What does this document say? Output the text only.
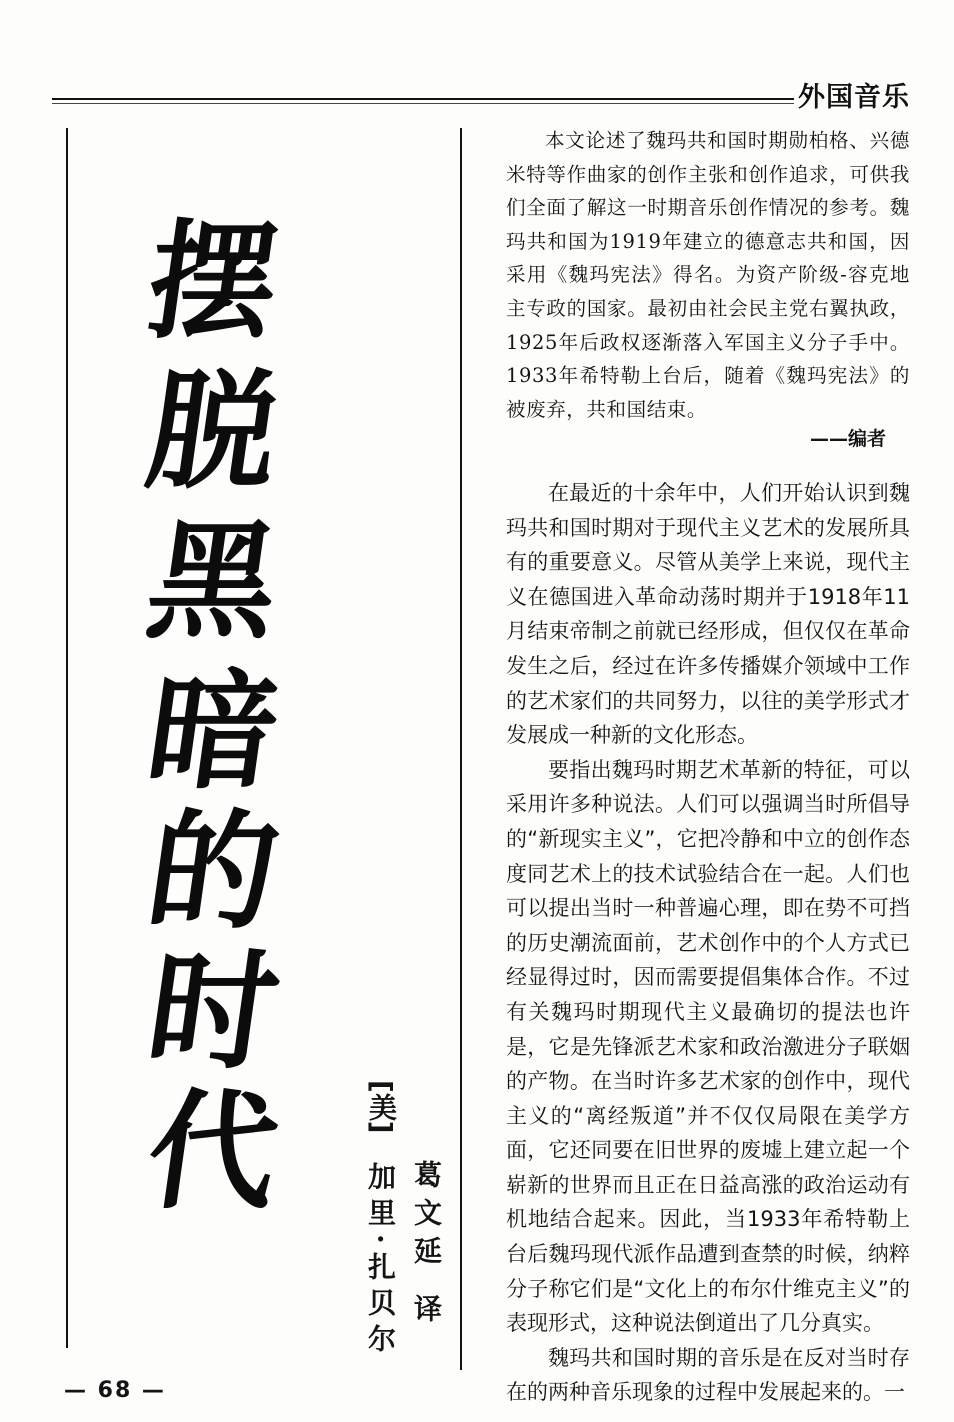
外国音乐
摆
脱
黑
暗
的
时
代	[美]
加里·扎贝尔 葛文延 译

本文论述了魏玛共和国时期勋柏格、兴德米特等作曲家的创作主张和创作追求，可供我们全面了解这一时期音乐创作情况的参考。魏玛共和国为1919年建立的德意志共和国，因采用《魏玛宪法》得名。为资产阶级-容克地主专政的国家。最初由社会民主党右翼执政，1925年后政权逐渐落入军国主义分子手中。1933年希特勒上台后，随着《魏玛宪法》的被废弃，共和国结束。

——编者

在最近的十余年中，人们开始认识到魏玛共和国时期对于现代主义艺术的发展所具有的重要意义。尽管从美学上来说，现代主义在德国进入革命动荡时期并于1918年11月结束帝制之前就已经形成，但仅仅在革命发生之后，经过在许多传播媒介领域中工作的艺术家们的共同努力，以往的美学形式才发展成一种新的文化形态。

要指出魏玛时期艺术革新的特征，可以采用许多种说法。人们可以强调当时所倡导的“新现实主义”，它把冷静和中立的创作态度同艺术上的技术试验结合在一起。人们也可以提出当时一种普遍心理，即在势不可挡的历史潮流面前，艺术创作中的个人方式已经显得过时，因而需要提倡集体合作。不过有关魏玛时期现代主义最确切的提法也许是，它是先锋派艺术家和政治激进分子联姻的产物。在当时许多艺术家的创作中，现代主义的“离经叛道”并不仅仅局限在美学方面，它还同要在旧世界的废墟上建立起一个崭新的世界而且正在日益高涨的政治运动有机地结合起来。因此，当1933年希特勒上台后魏玛现代派作品遭到查禁的时候，纳粹分子称它们是“文化上的布尔什维克主义”的表现形式，这种说法倒道出了几分真实。

魏玛共和国时期的音乐是在反对当时存在的两种音乐现象的过程中发展起来的。一

— 68 —
